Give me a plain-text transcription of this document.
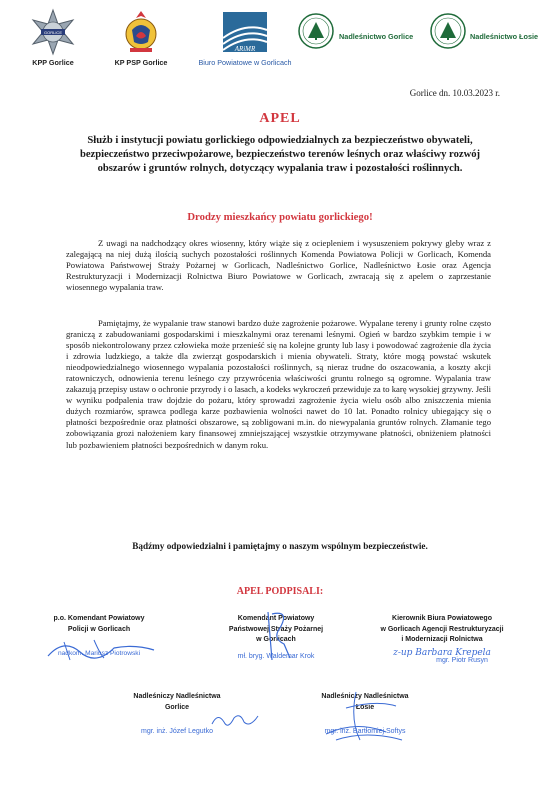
GORLICE
KPP Gorlice	KP PSP Gorlice
ARiMR
Biuro Powiatowe w Gorlicach
Nadleśnictwo Gorlice	Nadleśnictwo Łosie
Gorlice dn. 10.03.2023 r.
APEL
Służb i instytucji powiatu gorlickiego odpowiedzialnych za bezpieczeństwo obywateli, bezpieczeństwo przeciwpożarowe, bezpieczeństwo terenów leśnych oraz właściwy rozwój obszarów i gruntów rolnych, dotyczący wypalania traw i pozostałości roślinnych.
Drodzy mieszkańcy powiatu gorlickiego!
Z uwagi na nadchodzący okres wiosenny, który wiąże się z ociepleniem i wysuszeniem pokrywy gleby wraz z zalegającą na niej dużą ilością suchych pozostałości roślinnych Komenda Powiatowa Policji w Gorlicach, Komenda Powiatowa Państwowej Straży Pożarnej w Gorlicach, Nadleśnictwo Gorlice, Nadleśnictwo Łosie oraz Agencja Restrukturyzacji i Modernizacji Rolnictwa Biuro Powiatowe w Gorlicach, zwracają się z apelem o zaprzestanie wiosennego wypalania traw.
Pamiętajmy, że wypalanie traw stanowi bardzo duże zagrożenie pożarowe. Wypalane tereny i grunty rolne często graniczą z zabudowaniami gospodarskimi i mieszkalnymi oraz terenami leśnymi. Ogień w bardzo szybkim tempie i w sposób niekontrolowany przez człowieka może przenieść się na kolejne grunty lub lasy i powodować zagrożenie dla życia i zdrowia ludzkiego, a także dla zwierząt gospodarskich i mienia obywateli. Straty, które mogą powstać wskutek nieodpowiedzialnego wiosennego wypalania pozostałości roślinnych, są nieraz trudne do oszacowania, a koszty akcji ratowniczych, odnowienia terenu leśnego czy przywrócenia właściwości gruntu rolnego są ogromne. Wypalania traw zakazują przepisy ustaw o ochronie przyrody i o lasach, a kodeks wykroczeń przewiduje za to karę wysokiej grzywny. Jeśli w wyniku podpalenia traw dojdzie do pożaru, który sprowadzi zagrożenie życia wielu osób albo zniszczenia mienia dużych rozmiarów, sprawca podlega karze pozbawienia wolności nawet do 10 lat. Ponadto rolnicy ubiegający się o płatności bezpośrednie oraz płatności obszarowe, są zobligowani m.in. do niewypalania gruntów rolnych. Złamanie tego zobowiązania grozi nałożeniem kary finansowej zmniejszającej wszystkie otrzymywane płatności, obniżeniem płatności lub pozbawieniem płatności bezpośrednich w danym roku.
Bądźmy odpowiedzialni i pamiętajmy o naszym wspólnym bezpieczeństwie.
APEL PODPISALI:
p.o. Komendant Powiatowy
Policji w Gorlicach
nadkom. Mariusz Piotrowski
Komendant Powiatowy
Państwowej Straży Pożarnej
w Gorlicach
mł. bryg. Waldemar Krok
Kierownik Biura Powiatowego
w Gorlicach Agencji Restrukturyzacji
i Modernizacji Rolnictwa
z-up Barbara Krepela
mgr. Piotr Rusyn
Nadleśniczy Nadleśnictwa
Gorlice
mgr. inż. Józef Legutko
Nadleśniczy Nadleśnictwa
Łosie
mgr. inż. Bartłomiej Softys
